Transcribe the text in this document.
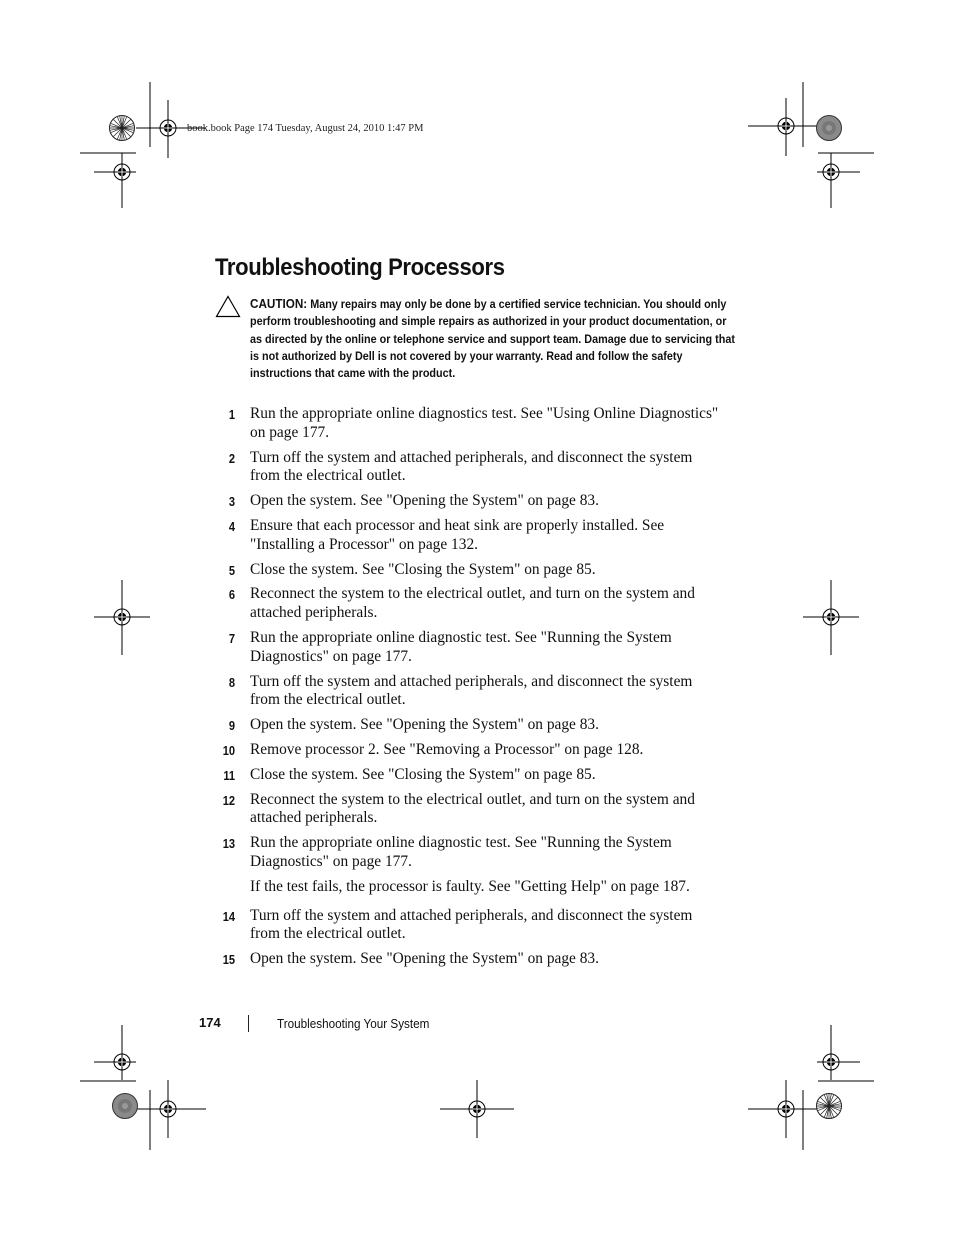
book.book Page 174 Tuesday, August 24, 2010 1:47 PM
Troubleshooting Processors
CAUTION: Many repairs may only be done by a certified service technician. You should only perform troubleshooting and simple repairs as authorized in your product documentation, or as directed by the online or telephone service and support team. Damage due to servicing that is not authorized by Dell is not covered by your warranty. Read and follow the safety instructions that came with the product.
1 Run the appropriate online diagnostics test. See "Using Online Diagnostics" on page 177.
2 Turn off the system and attached peripherals, and disconnect the system from the electrical outlet.
3 Open the system. See "Opening the System" on page 83.
4 Ensure that each processor and heat sink are properly installed. See "Installing a Processor" on page 132.
5 Close the system. See "Closing the System" on page 85.
6 Reconnect the system to the electrical outlet, and turn on the system and attached peripherals.
7 Run the appropriate online diagnostic test. See "Running the System Diagnostics" on page 177.
8 Turn off the system and attached peripherals, and disconnect the system from the electrical outlet.
9 Open the system. See "Opening the System" on page 83.
10 Remove processor 2. See "Removing a Processor" on page 128.
11 Close the system. See "Closing the System" on page 85.
12 Reconnect the system to the electrical outlet, and turn on the system and attached peripherals.
13 Run the appropriate online diagnostic test. See "Running the System Diagnostics" on page 177.
If the test fails, the processor is faulty. See "Getting Help" on page 187.
14 Turn off the system and attached peripherals, and disconnect the system from the electrical outlet.
15 Open the system. See "Opening the System" on page 83.
174	Troubleshooting Your System
